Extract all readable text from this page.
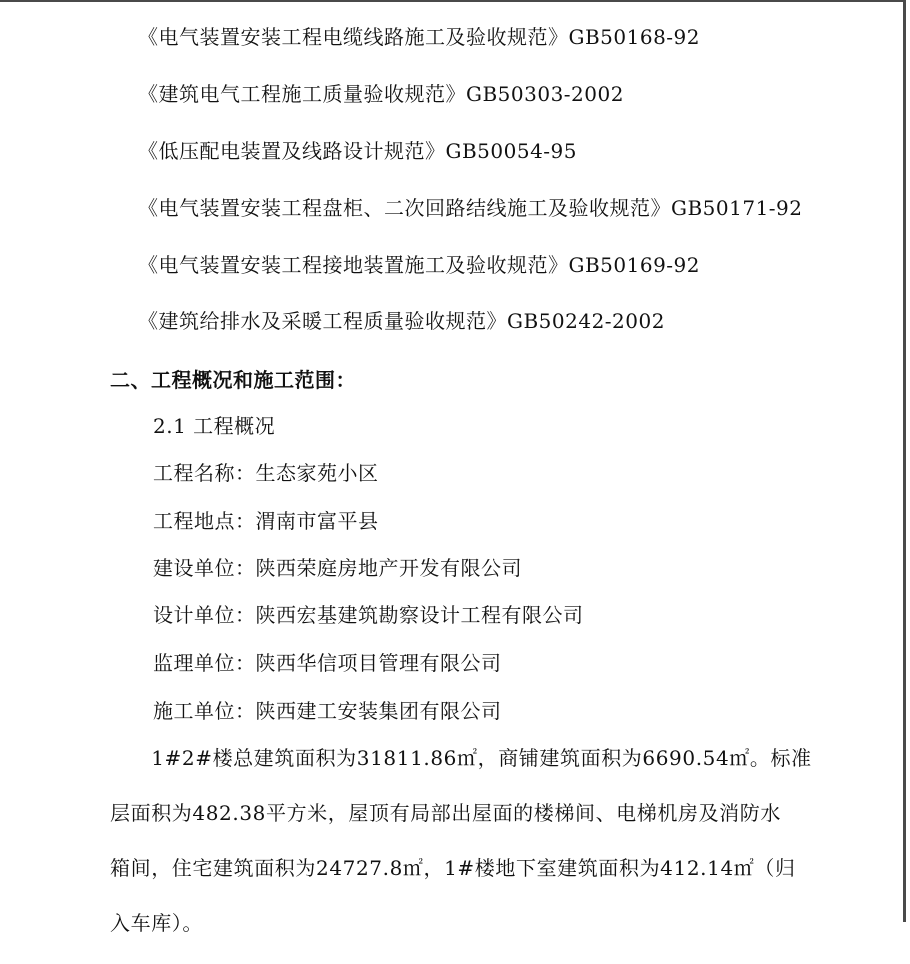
《电气装置安装工程电缆线路施工及验收规范》GB50168-92
《建筑电气工程施工质量验收规范》GB50303-2002
《低压配电装置及线路设计规范》GB50054-95
《电气装置安装工程盘柜、二次回路结线施工及验收规范》GB50171-92
《电气装置安装工程接地装置施工及验收规范》GB50169-92
《建筑给排水及采暖工程质量验收规范》GB50242-2002
二、工程概况和施工范围：
2.1 工程概况
工程名称：生态家苑小区
工程地点：渭南市富平县
建设单位：陕西荣庭房地产开发有限公司
设计单位：陕西宏基建筑勘察设计工程有限公司
监理单位：陕西华信项目管理有限公司
施工单位：陕西建工安装集团有限公司
　　1#2#楼总建筑面积为31811.86㎡，商铺建筑面积为6690.54㎡。标准
层面积为482.38平方米，屋顶有局部出屋面的楼梯间、电梯机房及消防水
箱间，住宅建筑面积为24727.8㎡，1#楼地下室建筑面积为412.14㎡（归
入车库）。
